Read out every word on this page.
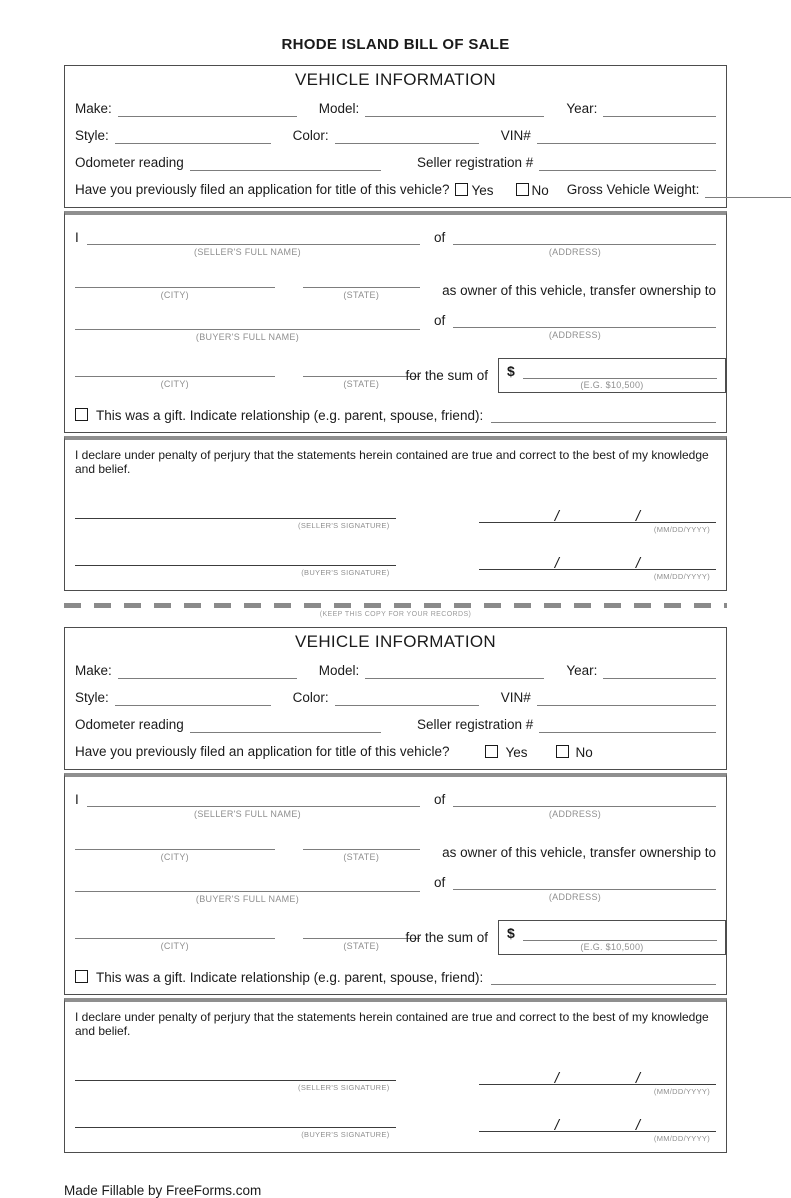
RHODE ISLAND BILL OF SALE
VEHICLE INFORMATION
Make:	Model:	Year:
Style:	Color:	VIN#
Odometer reading	Seller registration #
Have you previously filed an application for title of this vehicle? Yes	No Gross Vehicle Weight:
I
(SELLER'S FULL NAME)
of
(ADDRESS)
(CITY)	(STATE)	as owner of this vehicle, transfer ownership to
(BUYER'S FULL NAME)
of
(ADDRESS)
(CITY)	(STATE)
for the sum of $
(E.G. $10,500)
This was a gift. Indicate relationship (e.g. parent, spouse, friend):
I declare under penalty of perjury that the statements herein contained are true and correct to the best of my knowledge and belief.
(SELLER'S SIGNATURE)
/	/
(MM/DD/YYYY)
(BUYER'S SIGNATURE)
/	/
(MM/DD/YYYY)
(KEEP THIS COPY FOR YOUR RECORDS)
VEHICLE INFORMATION
Make:	Model:	Year:
Style:	Color:	VIN#
Odometer reading	Seller registration #
Have you previously filed an application for title of this vehicle?	Yes	No
I
(SELLER'S FULL NAME)
of
(ADDRESS)
(CITY)	(STATE)	as owner of this vehicle, transfer ownership to
(BUYER'S FULL NAME)
of
(ADDRESS)
(CITY)	(STATE)
for the sum of $
(E.G. $10,500)
This was a gift. Indicate relationship (e.g. parent, spouse, friend):
I declare under penalty of perjury that the statements herein contained are true and correct to the best of my knowledge and belief.
(SELLER'S SIGNATURE)
/	/
(MM/DD/YYYY)
(BUYER'S SIGNATURE)
/	/
(MM/DD/YYYY)
Made Fillable by FreeForms.com
